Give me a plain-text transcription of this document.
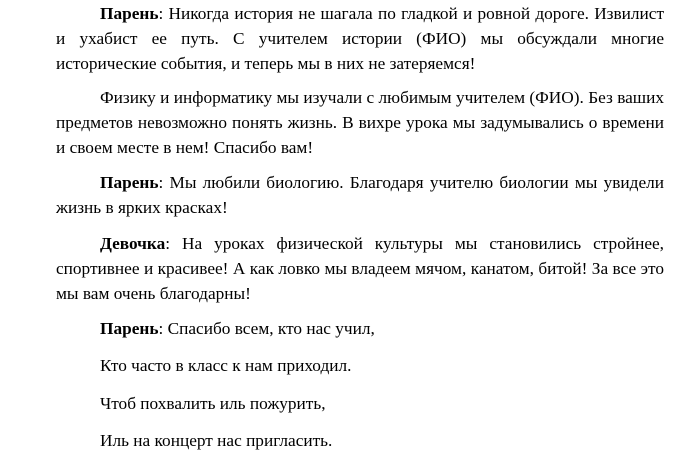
Парень: Никогда история не шагала по гладкой и ровной дороге. Извилист и ухабист ее путь. С учителем истории (ФИО) мы обсуждали многие исторические события, и теперь мы в них не затеряемся!

Физику и информатику мы изучали с любимым учителем (ФИО). Без ваших предметов невозможно понять жизнь. В вихре урока мы задумывались о времени и своем месте в нем! Спасибо вам!

Парень: Мы любили биологию. Благодаря учителю биологии мы увидели жизнь в ярких красках!

Девочка: На уроках физической культуры мы становились стройнее, спортивнее и красивее! А как ловко мы владеем мячом, канатом, битой! За все это мы вам очень благодарны!

Парень: Спасибо всем, кто нас учил,

Кто часто в класс к нам приходил.

Чтоб похвалить иль пожурить,

Иль на концерт нас пригласить.
